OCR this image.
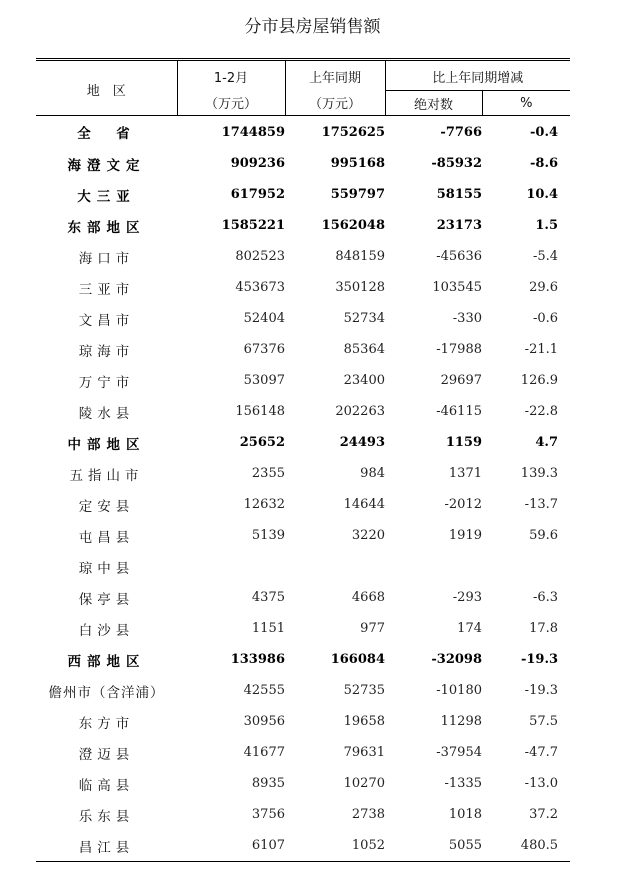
分市县房屋销售额
地　区	1-2月	上年同期	比上年同期增减	
	（万元）	（万元）	绝对数	%
全　省	1744859	1752625	-7766	-0.4
海澄文定	909236	995168	-85932	-8.6
大三亚	617952	559797	58155	10.4
东部地区	1585221	1562048	23173	1.5
海口市	802523	848159	-45636	-5.4
三亚市	453673	350128	103545	29.6
文昌市	52404	52734	-330	-0.6
琼海市	67376	85364	-17988	-21.1
万宁市	53097	23400	29697	126.9
陵水县	156148	202263	-46115	-22.8
中部地区	25652	24493	1159	4.7
五指山市	2355	984	1371	139.3
定安县	12632	14644	-2012	-13.7
屯昌县	5139	3220	1919	59.6
琼中县				
保亭县	4375	4668	-293	-6.3
白沙县	1151	977	174	17.8
西部地区	133986	166084	-32098	-19.3
儋州市（含洋浦）	42555	52735	-10180	-19.3
东方市	30956	19658	11298	57.5
澄迈县	41677	79631	-37954	-47.7
临高县	8935	10270	-1335	-13.0
乐东县	3756	2738	1018	37.2
昌江县	6107	1052	5055	480.5
